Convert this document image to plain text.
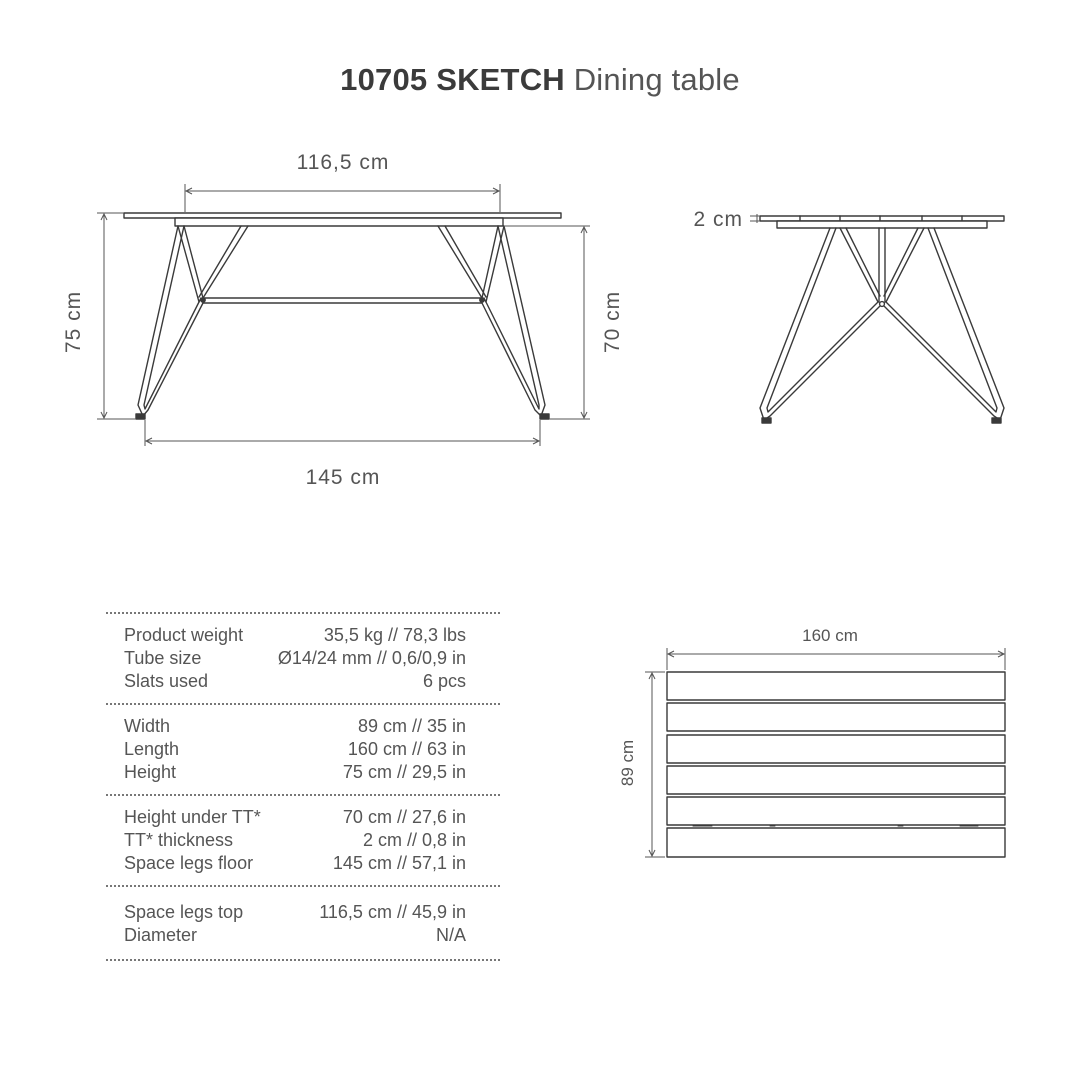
10705 SKETCH Dining table
116,5 cm
145 cm
75 cm	70 cm
2 cm
160 cm
89 cm
Product weight	35,5 kg // 78,3 lbs
Tube size	Ø14/24 mm // 0,6/0,9 in
Slats used	6 pcs
Width	89 cm // 35 in
Length	160 cm // 63 in
Height	75 cm // 29,5 in
Height under TT*	70 cm // 27,6 in
TT* thickness	2 cm // 0,8 in
Space legs floor	145 cm // 57,1 in
Space legs top	116,5 cm // 45,9 in
Diameter	N/A
